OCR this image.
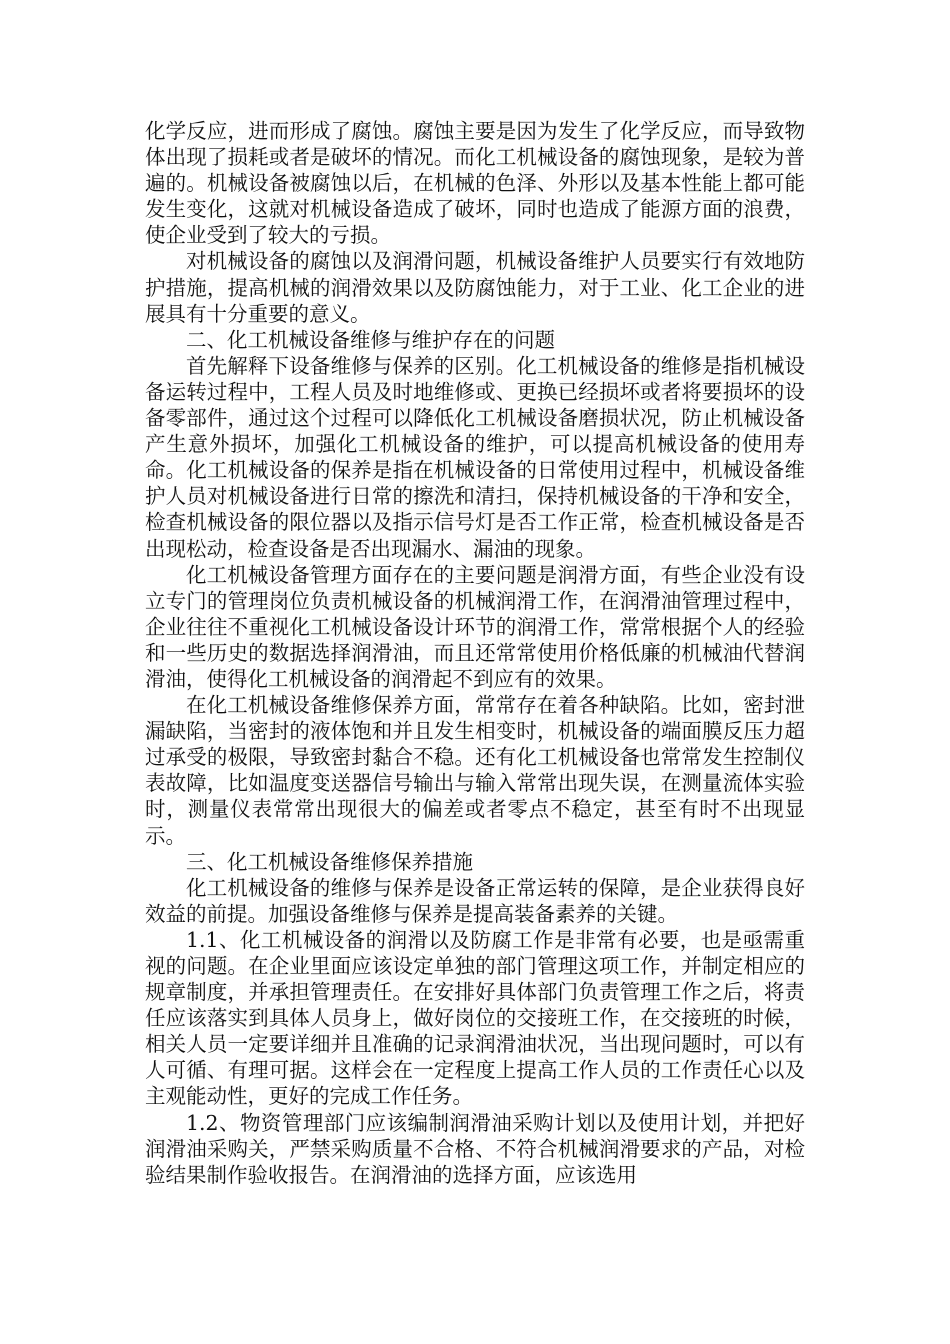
化学反应，进而形成了腐蚀。腐蚀主要是因为发生了化学反应，而导致物体出现了损耗或者是破坏的情况。而化工机械设备的腐蚀现象，是较为普遍的。机械设备被腐蚀以后，在机械的色泽、外形以及基本性能上都可能发生变化，这就对机械设备造成了破坏，同时也造成了能源方面的浪费，使企业受到了较大的亏损。

对机械设备的腐蚀以及润滑问题，机械设备维护人员要实行有效地防护措施，提高机械的润滑效果以及防腐蚀能力，对于工业、化工企业的进展具有十分重要的意义。

二、化工机械设备维修与维护存在的问题

首先解释下设备维修与保养的区别。化工机械设备的维修是指机械设备运转过程中，工程人员及时地维修或、更换已经损坏或者将要损坏的设备零部件，通过这个过程可以降低化工机械设备磨损状况，防止机械设备产生意外损坏，加强化工机械设备的维护，可以提高机械设备的使用寿命。化工机械设备的保养是指在机械设备的日常使用过程中，机械设备维护人员对机械设备进行日常的擦洗和清扫，保持机械设备的干净和安全，检查机械设备的限位器以及指示信号灯是否工作正常，检查机械设备是否出现松动，检查设备是否出现漏水、漏油的现象。

化工机械设备管理方面存在的主要问题是润滑方面，有些企业没有设立专门的管理岗位负责机械设备的机械润滑工作，在润滑油管理过程中，企业往往不重视化工机械设备设计环节的润滑工作，常常根据个人的经验和一些历史的数据选择润滑油，而且还常常使用价格低廉的机械油代替润滑油，使得化工机械设备的润滑起不到应有的效果。

在化工机械设备维修保养方面，常常存在着各种缺陷。比如，密封泄漏缺陷，当密封的液体饱和并且发生相变时，机械设备的端面膜反压力超过承受的极限，导致密封黏合不稳。还有化工机械设备也常常发生控制仪表故障，比如温度变送器信号输出与输入常常出现失误，在测量流体实验时，测量仪表常常出现很大的偏差或者零点不稳定，甚至有时不出现显示。

三、化工机械设备维修保养措施

化工机械设备的维修与保养是设备正常运转的保障，是企业获得良好效益的前提。加强设备维修与保养是提高装备素养的关键。

1.1、化工机械设备的润滑以及防腐工作是非常有必要，也是亟需重视的问题。在企业里面应该设定单独的部门管理这项工作，并制定相应的规章制度，并承担管理责任。在安排好具体部门负责管理工作之后，将责任应该落实到具体人员身上，做好岗位的交接班工作，在交接班的时候，相关人员一定要详细并且准确的记录润滑油状况，当出现问题时，可以有人可循、有理可据。这样会在一定程度上提高工作人员的工作责任心以及主观能动性，更好的完成工作任务。

1.2、物资管理部门应该编制润滑油采购计划以及使用计划，并把好润滑油采购关，严禁采购质量不合格、不符合机械润滑要求的产品，对检验结果制作验收报告。在润滑油的选择方面，应该选用
